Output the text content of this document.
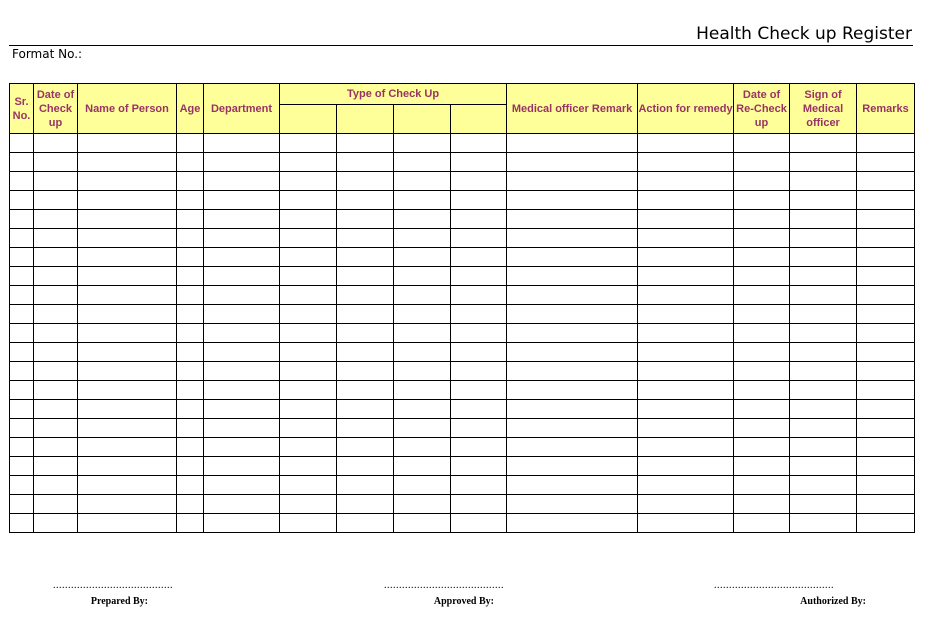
Health Check up Register
Format No.:
Sr. No.	Date of Check up	Name of Person	Age	Department	Type of Check Up				Medical officer Remark	Action for remedy	Date of Re-Check up	Sign of Medical officer	Remarks

........................................
Prepared By:
........................................
Approved By:
........................................
Authorized By:
